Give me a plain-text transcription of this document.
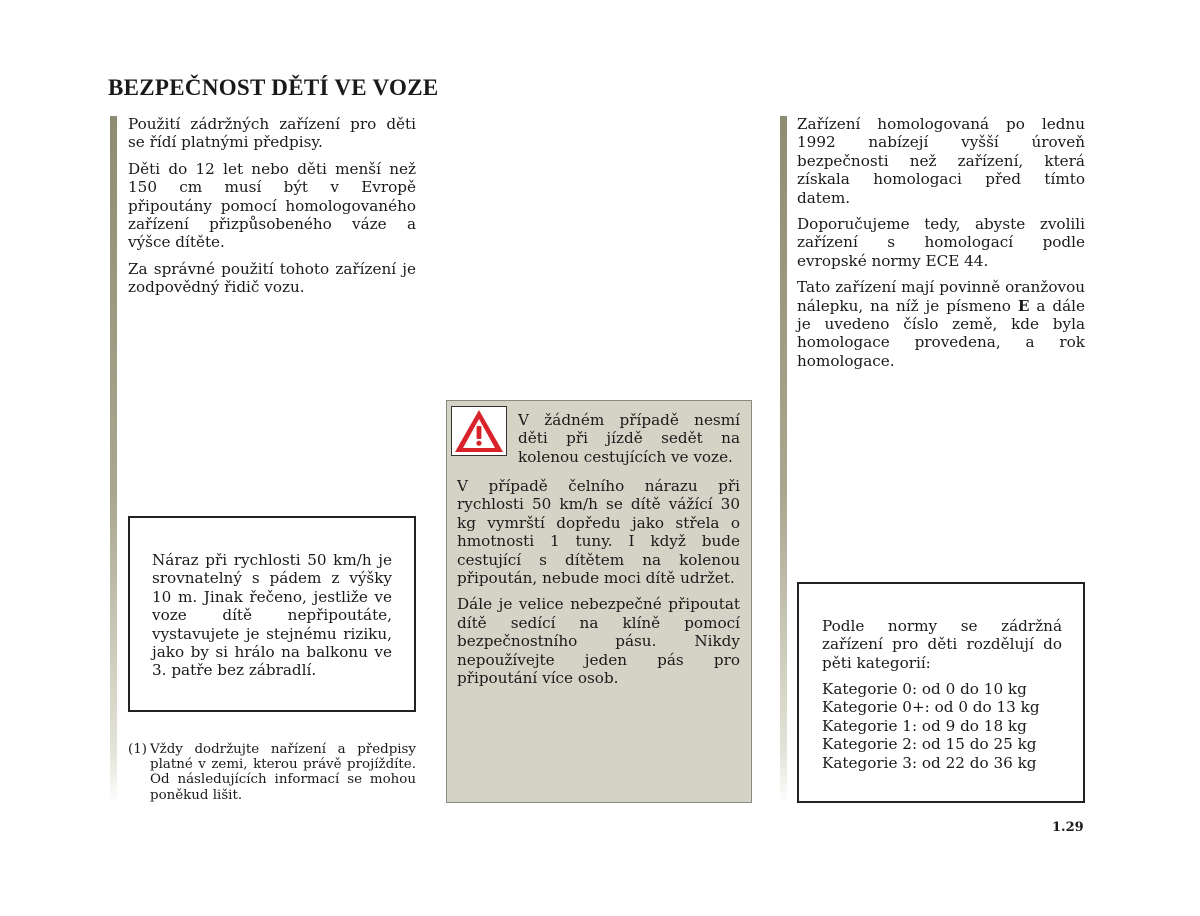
BEZPEČNOST DĚTÍ VE VOZE

Použití zádržných zařízení pro děti se řídí platnými předpisy.

Děti do 12 let nebo děti menší než 150 cm musí být v Evropě připoutány pomocí homologovaného zařízení přizpůsobeného váze a výšce dítěte.

Za správné použití tohoto zařízení je zodpovědný řidič vozu.

Náraz při rychlosti 50 km/h je srovnatelný s pádem z výšky 10 m. Jinak řečeno, jestliže ve voze dítě nepřipoutáte, vystavujete je stejnému riziku, jako by si hrálo na balkonu ve 3. patře bez zábradlí.
(1) Vždy dodržujte nařízení a předpisy platné v zemi, kterou právě projíždíte. Od následujících informací se mohou poněkud lišit.
V žádném případě nesmí děti při jízdě sedět na kolenou cestujících ve voze.

V případě čelního nárazu při rychlosti 50 km/h se dítě vážící 30 kg vymrští dopředu jako střela o hmotnosti 1 tuny. I když bude cestující s dítětem na kolenou připoután, nebude moci dítě udržet.

Dále je velice nebezpečné připoutat dítě sedící na klíně pomocí bezpečnostního pásu. Nikdy nepoužívejte jeden pás pro připoutání více osob.

Zařízení homologovaná po lednu 1992 nabízejí vyšší úroveň bezpečnosti než zařízení, která získala homologaci před tímto datem.

Doporučujeme tedy, abyste zvolili zařízení s homologací podle evropské normy ECE 44.

Tato zařízení mají povinně oranžovou nálepku, na níž je písmeno E a dále je uvedeno číslo země, kde byla homologace provedena, a rok homologace.

Podle normy se zádržná zařízení pro děti rozdělují do pěti kategorií:
Kategorie 0: od 0 do 10 kg
Kategorie 0+: od 0 do 13 kg
Kategorie 1: od 9 do 18 kg
Kategorie 2: od 15 do 25 kg
Kategorie 3: od 22 do 36 kg
1.29
